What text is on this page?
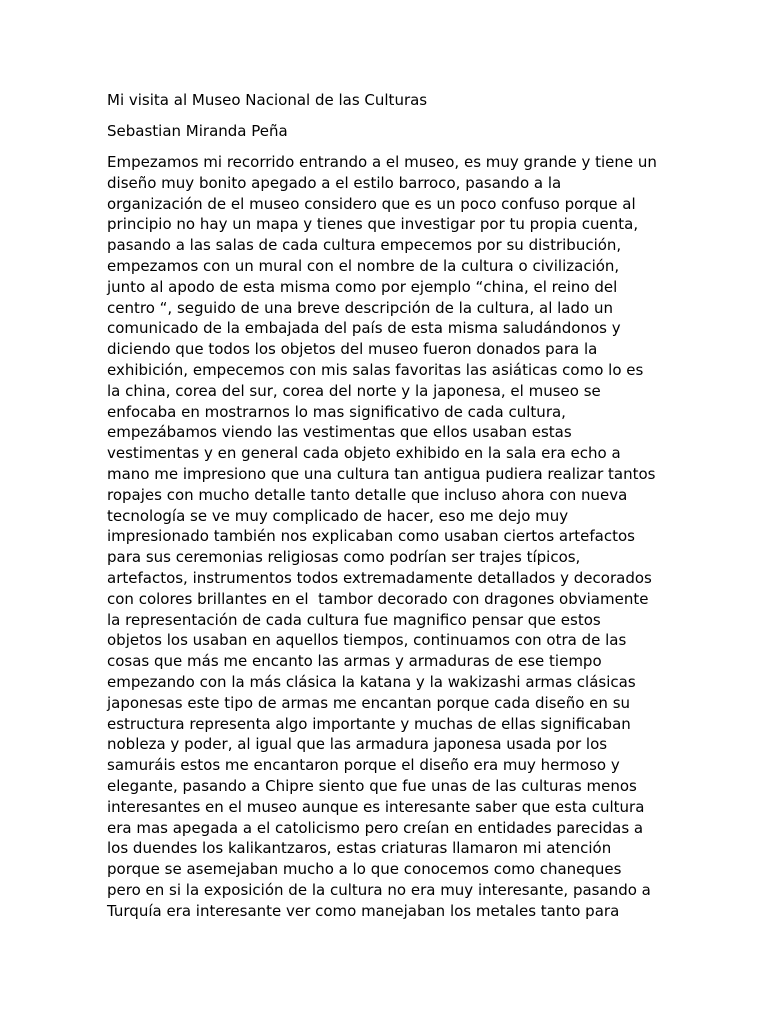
Mi visita al Museo Nacional de las Culturas
Sebastian Miranda Peña
Empezamos mi recorrido entrando a el museo, es muy grande y tiene un
diseño muy bonito apegado a el estilo barroco, pasando a la
organización de el museo considero que es un poco confuso porque al
principio no hay un mapa y tienes que investigar por tu propia cuenta,
pasando a las salas de cada cultura empecemos por su distribución,
empezamos con un mural con el nombre de la cultura o civilización,
junto al apodo de esta misma como por ejemplo “china, el reino del
centro “, seguido de una breve descripción de la cultura, al lado un
comunicado de la embajada del país de esta misma saludándonos y
diciendo que todos los objetos del museo fueron donados para la
exhibición, empecemos con mis salas favoritas las asiáticas como lo es
la china, corea del sur, corea del norte y la japonesa, el museo se
enfocaba en mostrarnos lo mas significativo de cada cultura,
empezábamos viendo las vestimentas que ellos usaban estas
vestimentas y en general cada objeto exhibido en la sala era echo a
mano me impresiono que una cultura tan antigua pudiera realizar tantos
ropajes con mucho detalle tanto detalle que incluso ahora con nueva
tecnología se ve muy complicado de hacer, eso me dejo muy
impresionado también nos explicaban como usaban ciertos artefactos
para sus ceremonias religiosas como podrían ser trajes típicos,
artefactos, instrumentos todos extremadamente detallados y decorados
con colores brillantes en el  tambor decorado con dragones obviamente
la representación de cada cultura fue magnifico pensar que estos
objetos los usaban en aquellos tiempos, continuamos con otra de las
cosas que más me encanto las armas y armaduras de ese tiempo
empezando con la más clásica la katana y la wakizashi armas clásicas
japonesas este tipo de armas me encantan porque cada diseño en su
estructura representa algo importante y muchas de ellas significaban
nobleza y poder, al igual que las armadura japonesa usada por los
samuráis estos me encantaron porque el diseño era muy hermoso y
elegante, pasando a Chipre siento que fue unas de las culturas menos
interesantes en el museo aunque es interesante saber que esta cultura
era mas apegada a el catolicismo pero creían en entidades parecidas a
los duendes los kalikantzaros, estas criaturas llamaron mi atención
porque se asemejaban mucho a lo que conocemos como chaneques
pero en si la exposición de la cultura no era muy interesante, pasando a
Turquía era interesante ver como manejaban los metales tanto para
